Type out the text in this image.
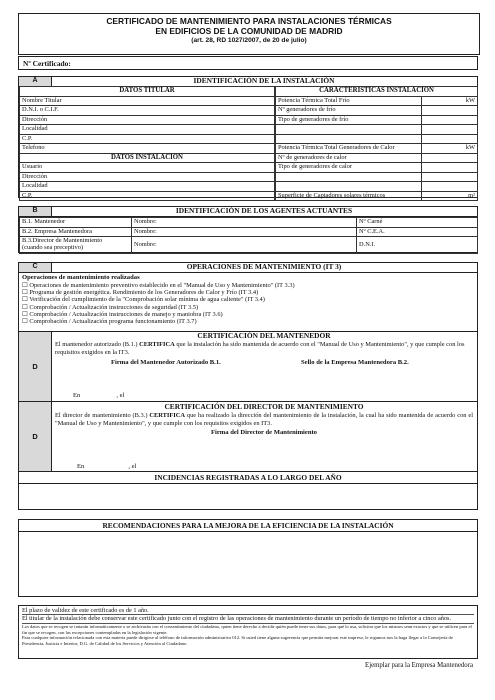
CERTIFICADO DE MANTENIMIENTO PARA INSTALACIONES TÉRMICAS
EN EDIFICIOS DE LA COMUNIDAD DE MADRID
(art. 28, RD 1027/2007, de 20 de julio)
Nº Certificado:
A	IDENTIFICACIÓN DE LA INSTALACIÓN
DATOS TITULAR
Nombre Titular
D.N.I. o C.I.F.
Dirección
Localidad
C.P.
Telefono
DATOS INSTALACIÓN
Usuario
Dirección
Localidad
C.P.
CARACTERÍSTICAS INSTALACIÓN	
Potencia Térmica Total Frío	kW
Nº generadores de frío	
Tipo de generadores de frío	

Potencia Térmica Total Generadores de Calor	kW
Nº de generadores de calor	
Tipo de generadores de calor	

Superficie de Captadores solares térmicos	m²
B	IDENTIFICACIÓN DE LOS AGENTES ACTUANTES
B.1. Mantenedor	Nombre:	Nº Carné
B.2. Empresa Mantenedora	Nombre:	Nº C.E.A.

B.3.Director de Mantenimiento
(cuando sea preceptivo)	Nombre:	D.N.I.
C	OPERACIONES DE MANTENIMIENTO (IT 3)
Operaciones de mantenimiento realizadas
☐ Operaciones de mantenimiento preventivo establecido en el "Manual de Uso y Mantenimiento" (IT 3.3)
☐ Programa de gestión energética. Rendimiento de los Generadores de Calor y Frío (IT 3.4)
☐ Verificación del cumplimiento de la "Comprobación solar mínima de agua caliente" (IT 3.4)
☐ Comprobación / Actualización instrucciones de seguridad (IT 3.5)
☐ Comprobación / Actualización instrucciones de manejo y maniobra (IT 3.6)
☐ Comprobación / Actualización programa funcionamiento (IT 3.7)
D
CERTIFICACIÓN DEL MANTENEDOR
El mantenedor autorizado (B.1.) CERTIFICA que la instalación ha sido mantenida de acuerdo con el "Manual de Uso y Mantenimiento", y que cumple con los requisitos exigidos en la IT3.
Firma del Mantenedor Autorizado B.1.	Sello de la Empresa Mantenedora B.2.
En	, el
D
CERTIFICACIÓN DEL DIRECTOR DE MANTENIMIENTO
El director de mantenimiento (B.3.) CERTIFICA que ha realizado la dirección del mantenimiento de la instalación, la cual ha sido mantenida de acuerdo con el "Manual de Uso y Mantenimiento", y que cumple con los requisitos exigidos en IT3.
Firma del Director de Mantenimiento
En	, el
INCIDENCIAS REGISTRADAS A LO LARGO DEL AÑO
RECOMENDACIONES PARA LA MEJORA DE LA EFICIENCIA DE LA INSTALACIÓN
El plazo de validez de este certificado es de 1 año.
El titular de la instalación debe conservar este certificado junto con el registro de las operaciones de mantenimiento durante un período de tiempo no inferior a cinco años.
Los datos que se recogen se tratarán informáticamente o se archivarán con el consentimiento del ciudadano, quien tiene derecho a decidir quién puede tener sus datos, para qué lo usa, solicitar que los mismos sean exactos y que se utilicen para el fin que se recogen, con las excepciones contempladas en la legislación vigente.
Para cualquier información relacionada con esta materia puede dirigirse al teléfono de información administrativa 012. Si usted tiene alguna sugerencia que permita mejorar este impreso, le rogamos nos la haga llegar a la Consejería de Presidencia, Justicia e Interior, D.G. de Calidad de los Servicios y Atención al Ciudadano.
Ejemplar para la Empresa Mantenedora
